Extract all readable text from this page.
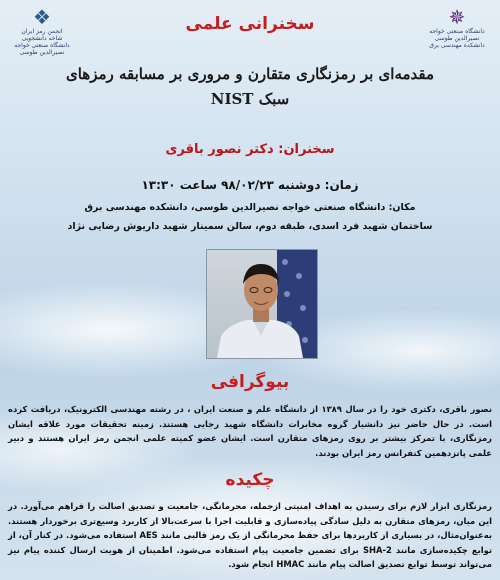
❖
انجمن رمز ایران
شاخه دانشجویی
دانشگاه صنعتی خواجه
نصیرالدین طوسی
✵
دانشگاه صنعتی خواجه نصیرالدین طوسی
دانشکده مهندسی برق
سخنرانی علمی
مقدمه‌ای بر رمزنگاری متقارن و مروری بر مسابقه رمزهای
سبک NIST
سخنران: دکتر نصور باقری
زمان: دوشنبه ۹۸/۰۲/۲۳ ساعت ۱۳:۳۰
مکان: دانشگاه صنعتی خواجه نصیرالدین طوسی، دانشکده مهندسی برق
ساختمان شهید فرد اسدی، طبقه دوم، سالن سمینار شهید داریوش رضایی نژاد
بیوگرافی
نصور باقری، دکتری خود را در سال ۱۳۸۹ از دانشگاه علم و صنعت ایران ، در رشته مهندسی الکترونیک، دریافت کرده است. در حال حاضر نیز دانشیار گروه مخابرات دانشگاه شهید رجایی هستند. زمینه تحقیقات مورد علاقه ایشان رمزنگاری، با تمرکز بیشتر بر روی رمزهای متقارن است. ایشان عضو کمیته علمی انجمن رمز ایران هستند و دبیر علمی پانزدهمین کنفرانس رمز ایران بودند.
چکیده
رمزنگاری ابزار لازم برای رسیدن به اهداف امنیتی ازجمله، محرمانگی، جامعیت و تصدیق اصالت را فراهم می‌آورد. در این میان، رمزهای متقارن به دلیل سادگی پیاده‌سازی و قابلیت اجرا با سرعت‌بالا از کاربرد وسیع‌تری برخوردار هستند. به‌عنوان‌مثال، در بسیاری از کاربردها برای حفظ محرمانگی از یک رمز قالبی مانند AES استفاده می‌شود. در کنار آن، از توابع چکیده‌سازی مانند SHA-2 برای تضمین جامعیت پیام استفاده می‌شود. اطمینان از هویت ارسال کننده پیام نیز می‌تواند توسط توابع تصدیق اصالت پیام مانند HMAC انجام شود.
